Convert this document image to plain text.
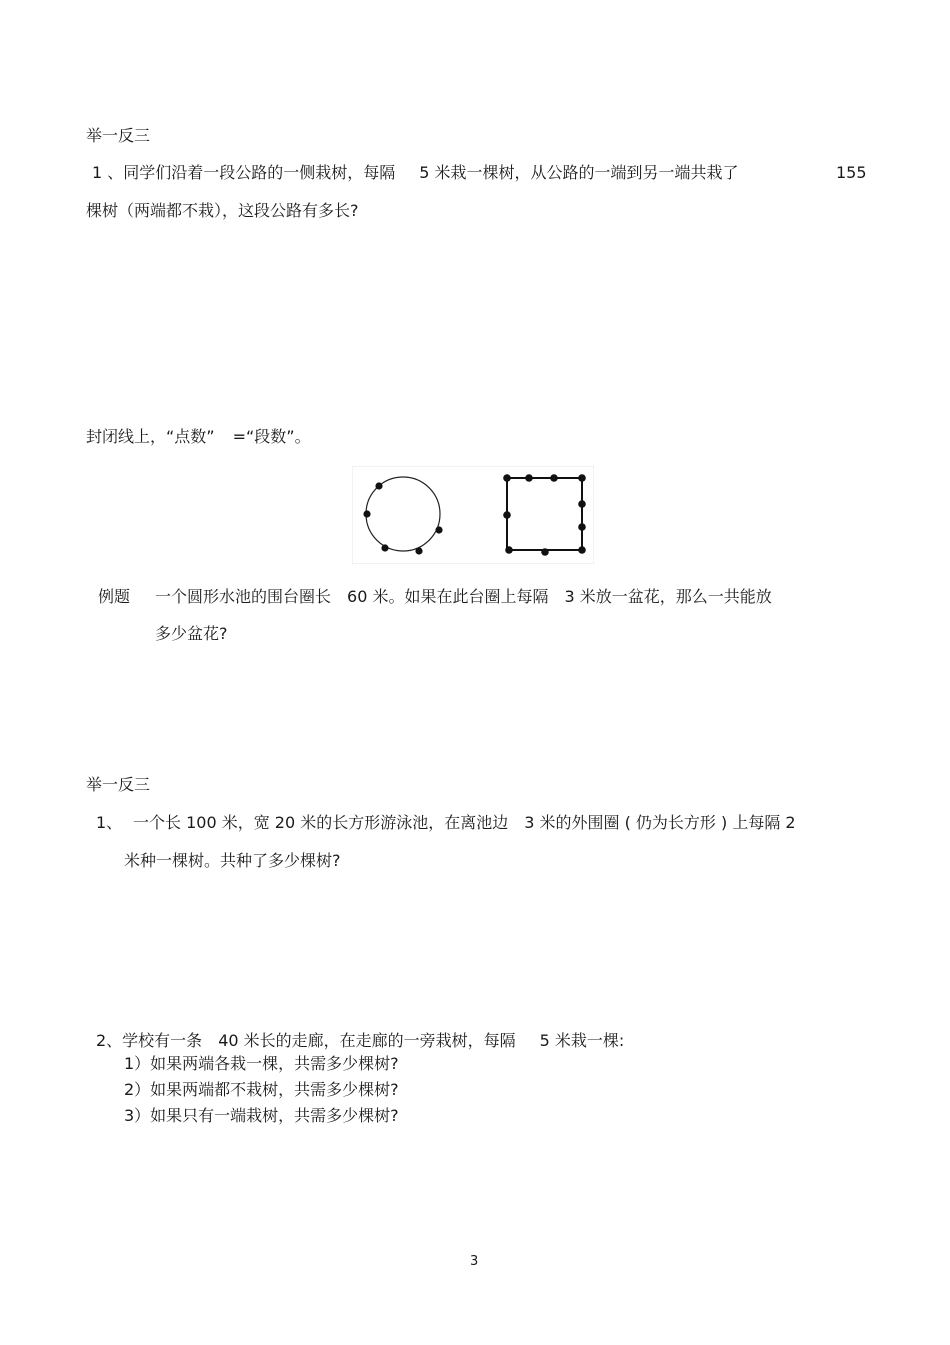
举一反三
1 、同学们沿着一段公路的一侧栽树，每隔 5 米栽一棵树，从公路的一端到另一端共栽了	155
棵树（两端都不栽），这段公路有多长?
封闭线上，“点数” =“段数”。
例题 一个圆形水池的围台圈长 60 米。如果在此台圈上每隔 3 米放一盆花，那么一共能放
多少盆花?
举一反三
1、 一个长 100 米，宽 20 米的长方形游泳池，在离池边 3 米的外围圈 ( 仍为长方形 ) 上每隔 2
米种一棵树。共种了多少棵树?
2、学校有一条 40 米长的走廊，在走廊的一旁栽树，每隔 5 米栽一棵:
1）如果两端各栽一棵，共需多少棵树?
2）如果两端都不栽树，共需多少棵树?
3）如果只有一端栽树，共需多少棵树?
3
